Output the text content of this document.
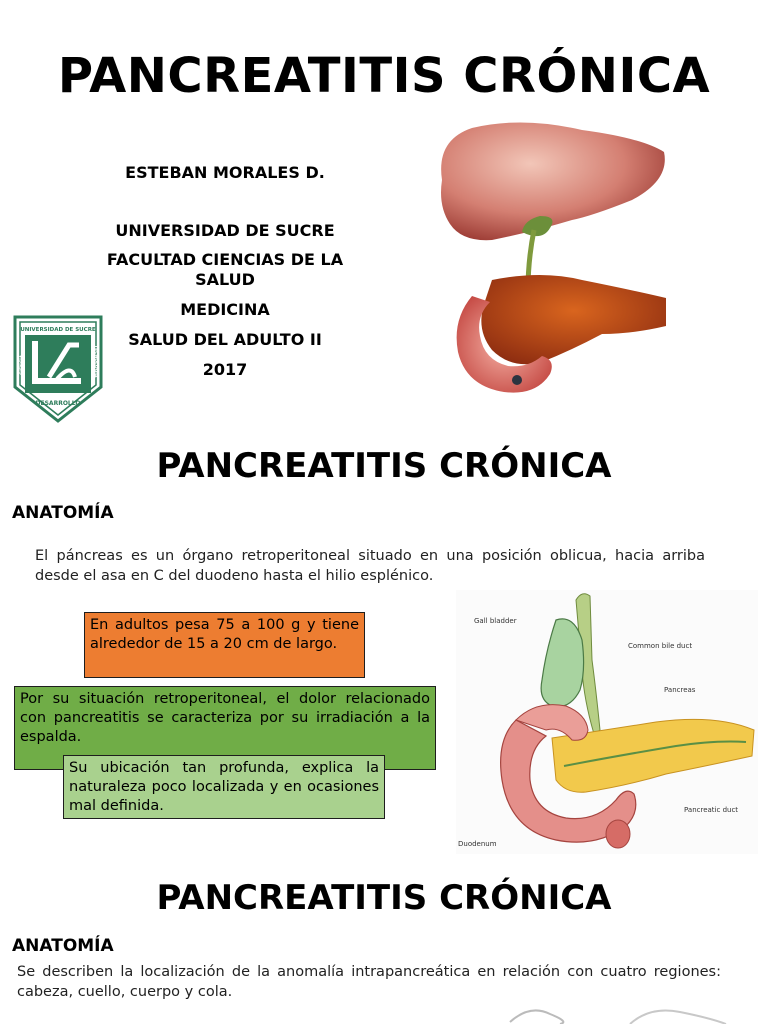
PANCREATITIS CRÓNICA
ESTEBAN MORALES D.
UNIVERSIDAD DE SUCRE
FACULTAD CIENCIAS DE LA SALUD
MEDICINA
SALUD DEL ADULTO II
2017
UNIVERSIDAD DE SUCRE
DESARROLLO
CIENCIA	TECNOLOGIA
PANCREATITIS CRÓNICA
ANATOMÍA

El páncreas es un órgano retroperitoneal situado en una posición oblicua, hacia arriba desde el asa en C del duodeno hasta el hilio esplénico.

En adultos pesa 75 a 100 g y tiene alrededor de 15 a 20 cm de largo.
Por su situación retroperitoneal, el dolor relacionado con pancreatitis se caracteriza por su irradiación a la espalda.
Su ubicación tan profunda, explica la naturaleza poco localizada y en ocasiones mal definida.
Gall bladder
Common bile duct
Pancreas
Pancreatic duct
Duodenum
PANCREATITIS CRÓNICA
ANATOMÍA

Se describen la localización de la anomalía intrapancreática en relación con cuatro regiones: cabeza, cuello, cuerpo y cola.
